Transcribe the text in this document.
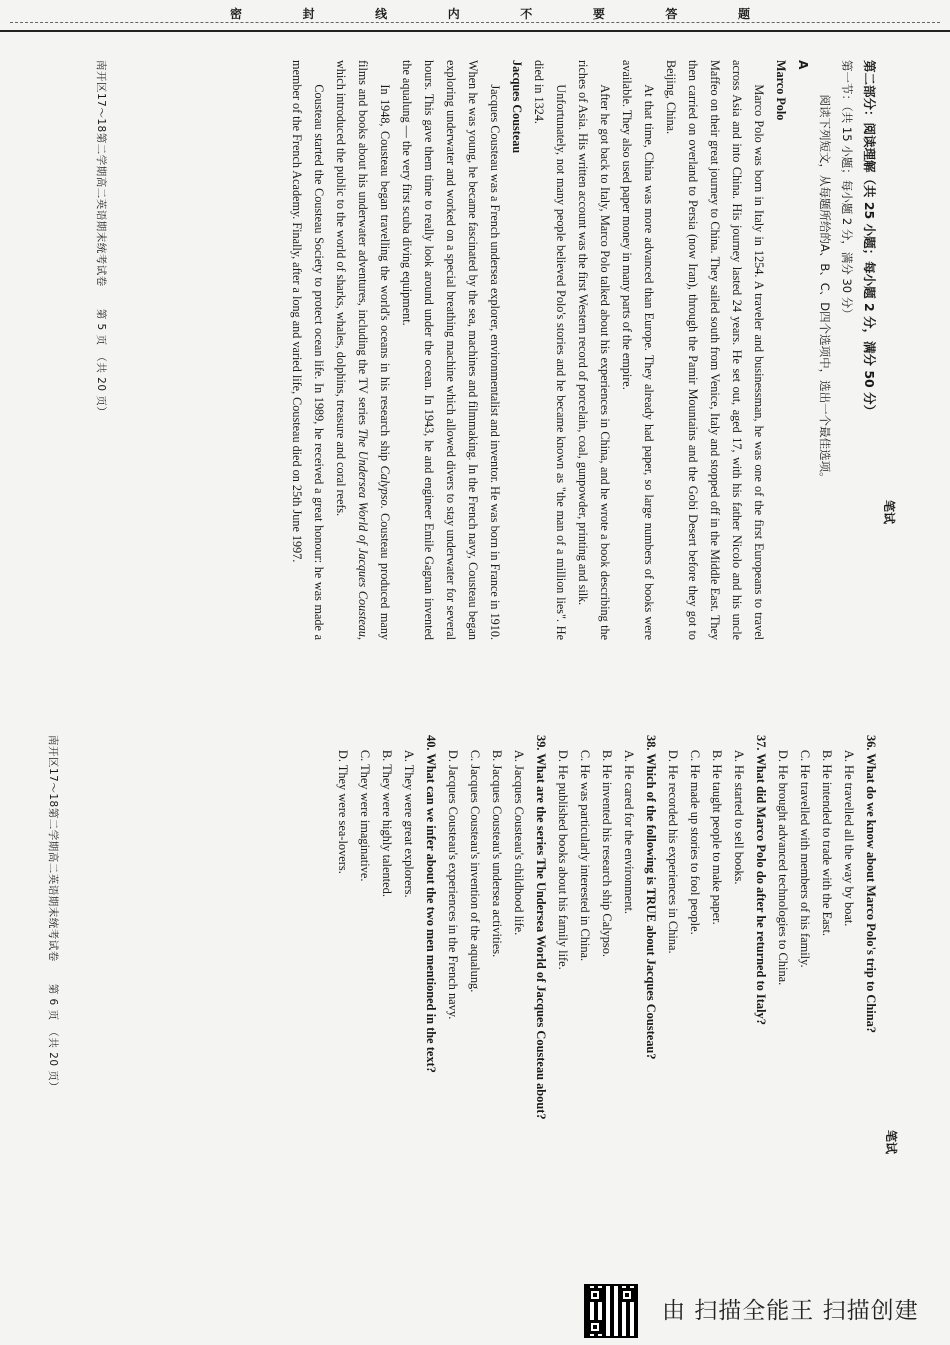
密	封	线	内	不	要	答	题

第二部分：阅读理解（共 25 小题；每小题 2 分，满分 50 分）

第一节：（共 15 小题；每小题 2 分，满分 30 分）

阅读下列短文，从每题所给的A、B、C、D四个选项中，选出一个最佳选项。

A

Marco Polo

Marco Polo was born in Italy in 1254. A traveler and businessman, he was one of the first Europeans to travel across Asia and into China. His journey lasted 24 years. He set out, aged 17, with his father Nicolo and his uncle Maffeo on their great journey to China. They sailed south from Venice, Italy and stopped off in the Middle East. They then carried on overland to Persia (now Iran), through the Pamir Mountains and the Gobi Desert before they got to Beijing, China.

At that time, China was more advanced than Europe. They already had paper, so large numbers of books were available. They also used paper money in many parts of the empire.

After he got back to Italy, Marco Polo talked about his experiences in China, and he wrote a book describing the riches of Asia. His written account was the first Western record of porcelain, coal, gunpowder, printing and silk.

Unfortunately, not many people believed Polo's stories and he became known as "the man of a million lies". He died in 1324.

Jacques Cousteau

Jacques Cousteau was a French undersea explorer, environmentalist and inventor. He was born in France in 1910. When he was young, he became fascinated by the sea, machines and filmmaking. In the French navy, Cousteau began exploring underwater and worked on a special breathing machine which allowed divers to stay underwater for several hours. This gave them time to really look around under the ocean. In 1943, he and engineer Emile Gagnan invented the aqualung — the very first scuba diving equipment.

In 1948, Cousteau began travelling the world's oceans in his research ship Calypso. Cousteau produced many films and books about his underwater adventures, including the TV series The Undersea World of Jacques Cousteau, which introduced the public to the world of sharks, whales, dolphins, treasure and coral reefs.

Cousteau started the Cousteau Society to protect ocean life. In 1989, he received a great honour: he was made a member of the French Academy. Finally, after a long and varied life, Cousteau died on 25th June 1997.

南开区17～18第二学期高二英语期末统考试卷　　第 5 页　（共 20 页）
笔试

36. What do we know about Marco Polo's trip to China?

A. He travelled all the way by boat.

B. He intended to trade with the East.

C. He travelled with members of his family.

D. He brought advanced technologies to China.

37. What did Marco Polo do after he returned to Italy?

A. He started to sell books.

B. He taught people to make paper.

C. He made up stories to fool people.

D. He recorded his experiences in China.

38. Which of the following is TRUE about Jacques Cousteau?

A. He cared for the environment.

B. He invented his research ship Calypso.

C. He was particularly interested in China.

D. He published books about his family life.

39. What are the series The Undersea World of Jacques Cousteau about?

A. Jacques Cousteau's childhood life.

B. Jacques Cousteau's undersea activities.

C. Jacques Cousteau's invention of the aqualung.

D. Jacques Cousteau's experiences in the French navy.

40. What can we infer about the two men mentioned in the text?

A. They were great explorers.

B. They were highly talented.

C. They were imaginative.

D. They were sea-lovers.

南开区17～18第二学期高二英语期末统考试卷　　第 6 页　（共 20 页）
笔试
由 扫描全能王 扫描创建
